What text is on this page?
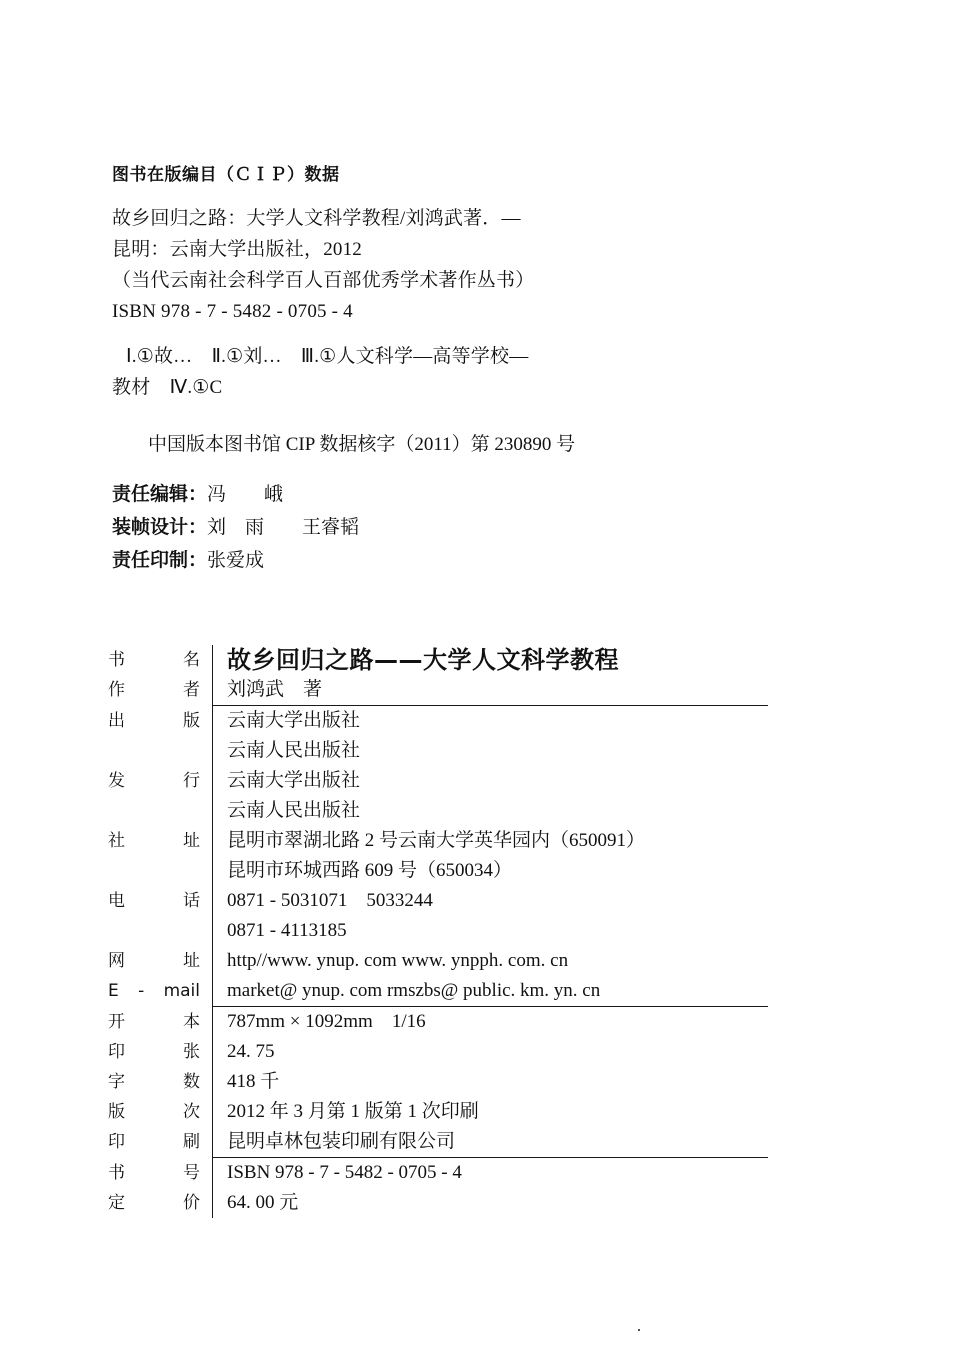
图书在版编目（ＣＩＰ）数据
故乡回归之路：大学人文科学教程/刘鸿武著．—
昆明：云南大学出版社，2012
（当代云南社会科学百人百部优秀学术著作丛书）
ISBN 978 - 7 - 5482 - 0705 - 4
Ⅰ.①故…　Ⅱ.①刘…　Ⅲ.①人文科学—高等学校—
教材　Ⅳ.①C
中国版本图书馆 CIP 数据核字（2011）第 230890 号
责任编辑：冯　　峨
装帧设计：刘　雨　　王睿韬
责任印制：张爱成
书　　名	故乡回归之路——大学人文科学教程

作　　者	刘鸿武　著

出　　版	云南大学出版社
云南人民出版社

发　　行	云南大学出版社
云南人民出版社

社　　址	昆明市翠湖北路 2 号云南大学英华园内（650091）
昆明市环城西路 609 号（650034）

电　　话	0871 - 5031071　5033244
0871 - 4113185

网　　址	http//www. ynup. com www. ynpph. com. cn

E - mail	market@ ynup. com rmszbs@ public. km. yn. cn

开　　本	787mm × 1092mm　1/16

印　　张	24. 75

字　　数	418 千

版　　次	2012 年 3 月第 1 版第 1 次印刷

印　　刷	昆明卓林包装印刷有限公司

书　　号	ISBN 978 - 7 - 5482 - 0705 - 4

定　　价	64. 00 元
·
